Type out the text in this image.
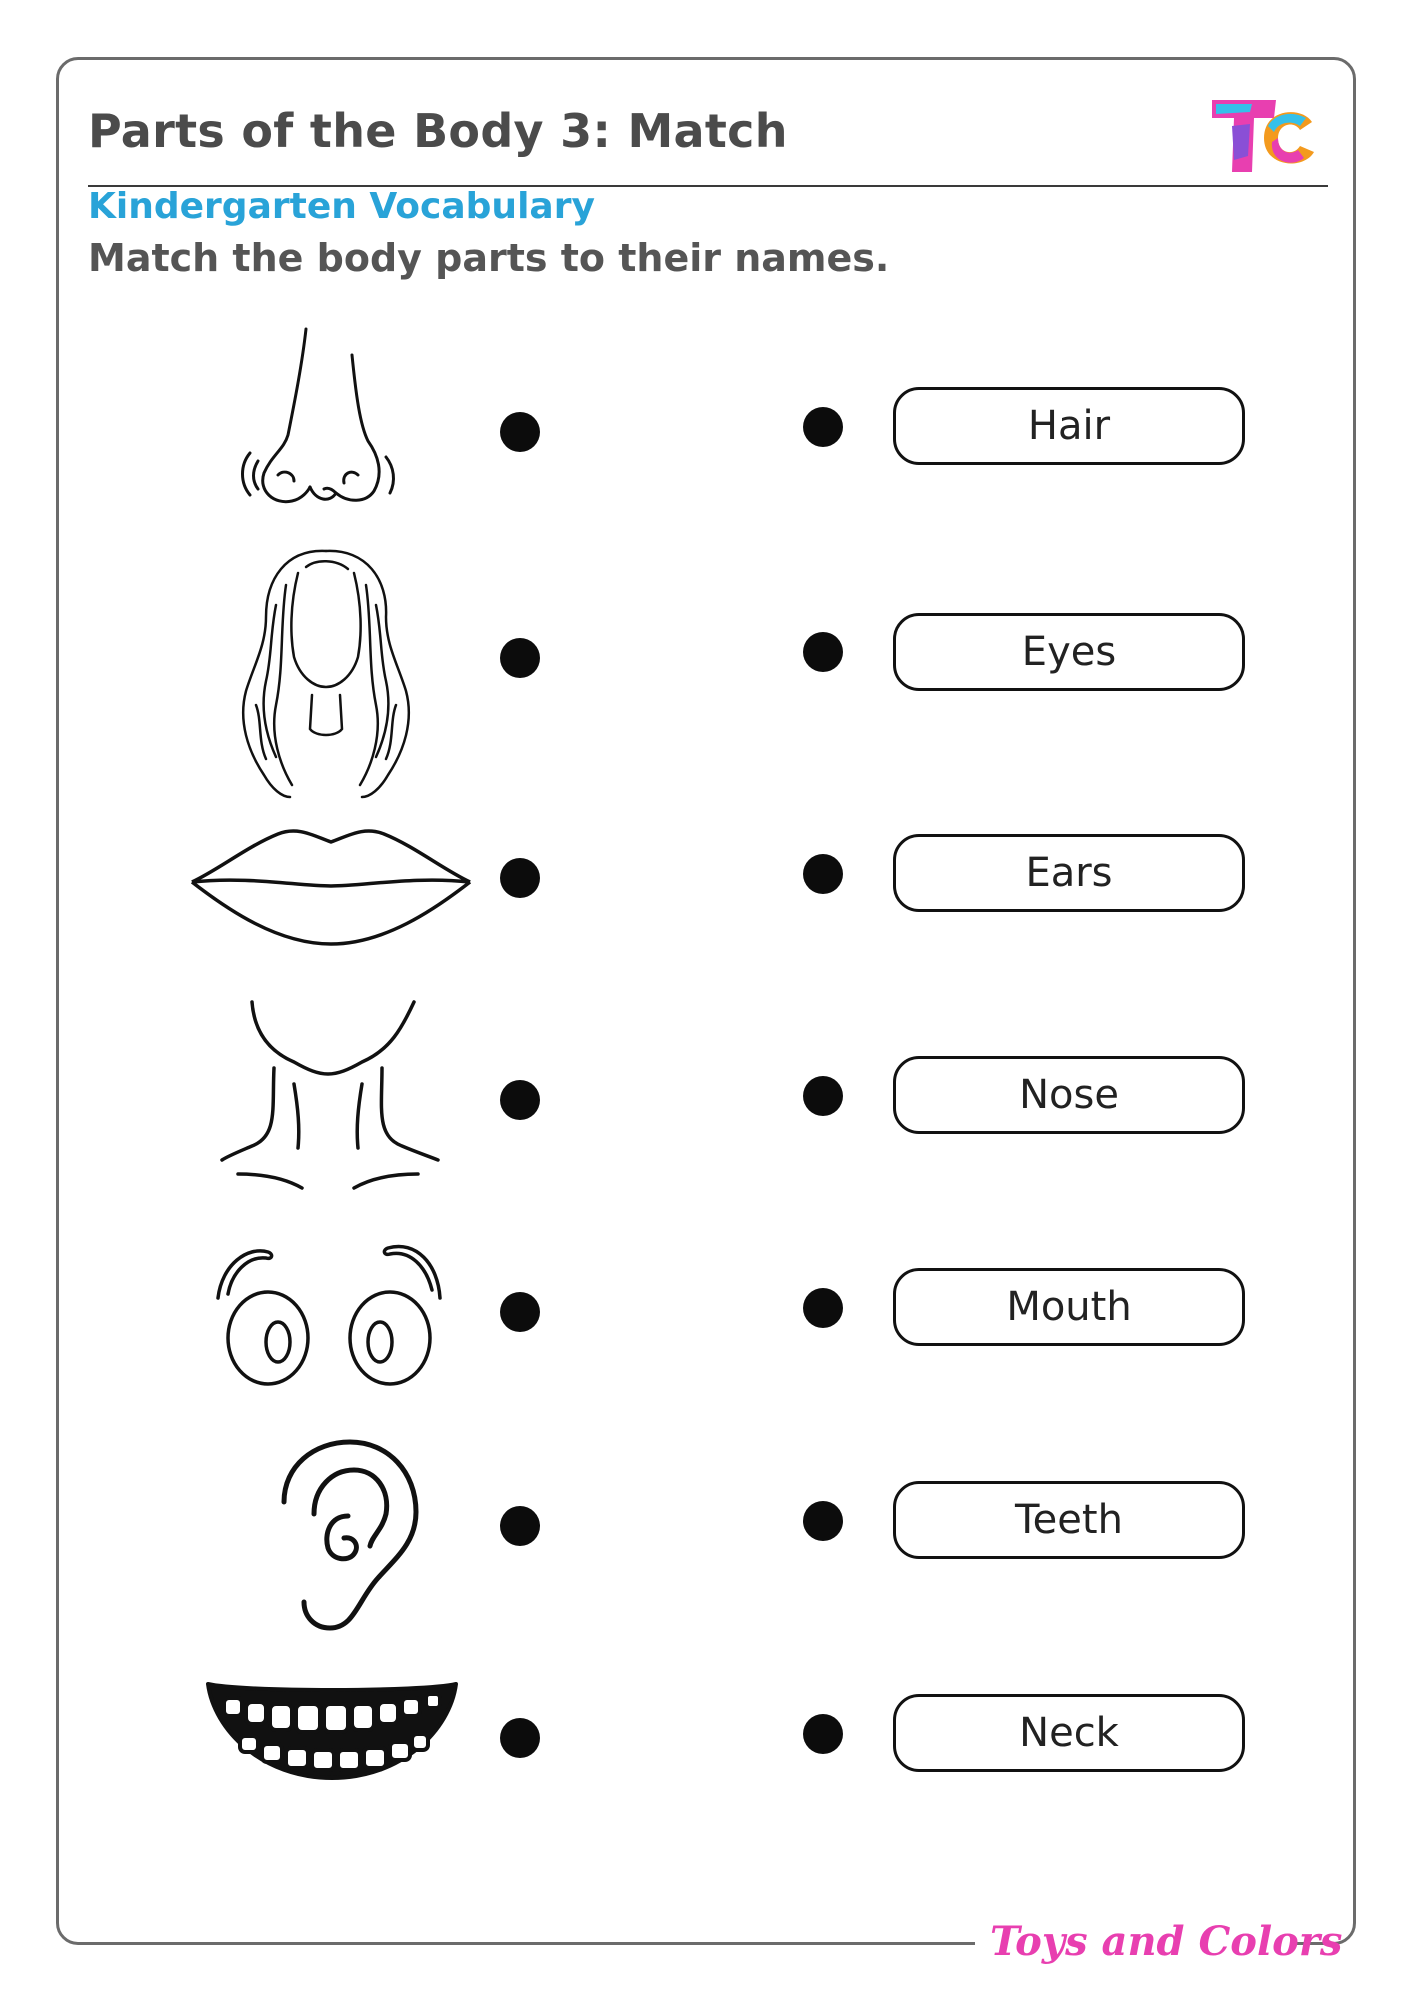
Parts of the Body 3: Match
Kindergarten Vocabulary
Match the body parts to their names.
Hair
Eyes
Ears
Nose
Mouth
Teeth
Neck
Toys and Colors
